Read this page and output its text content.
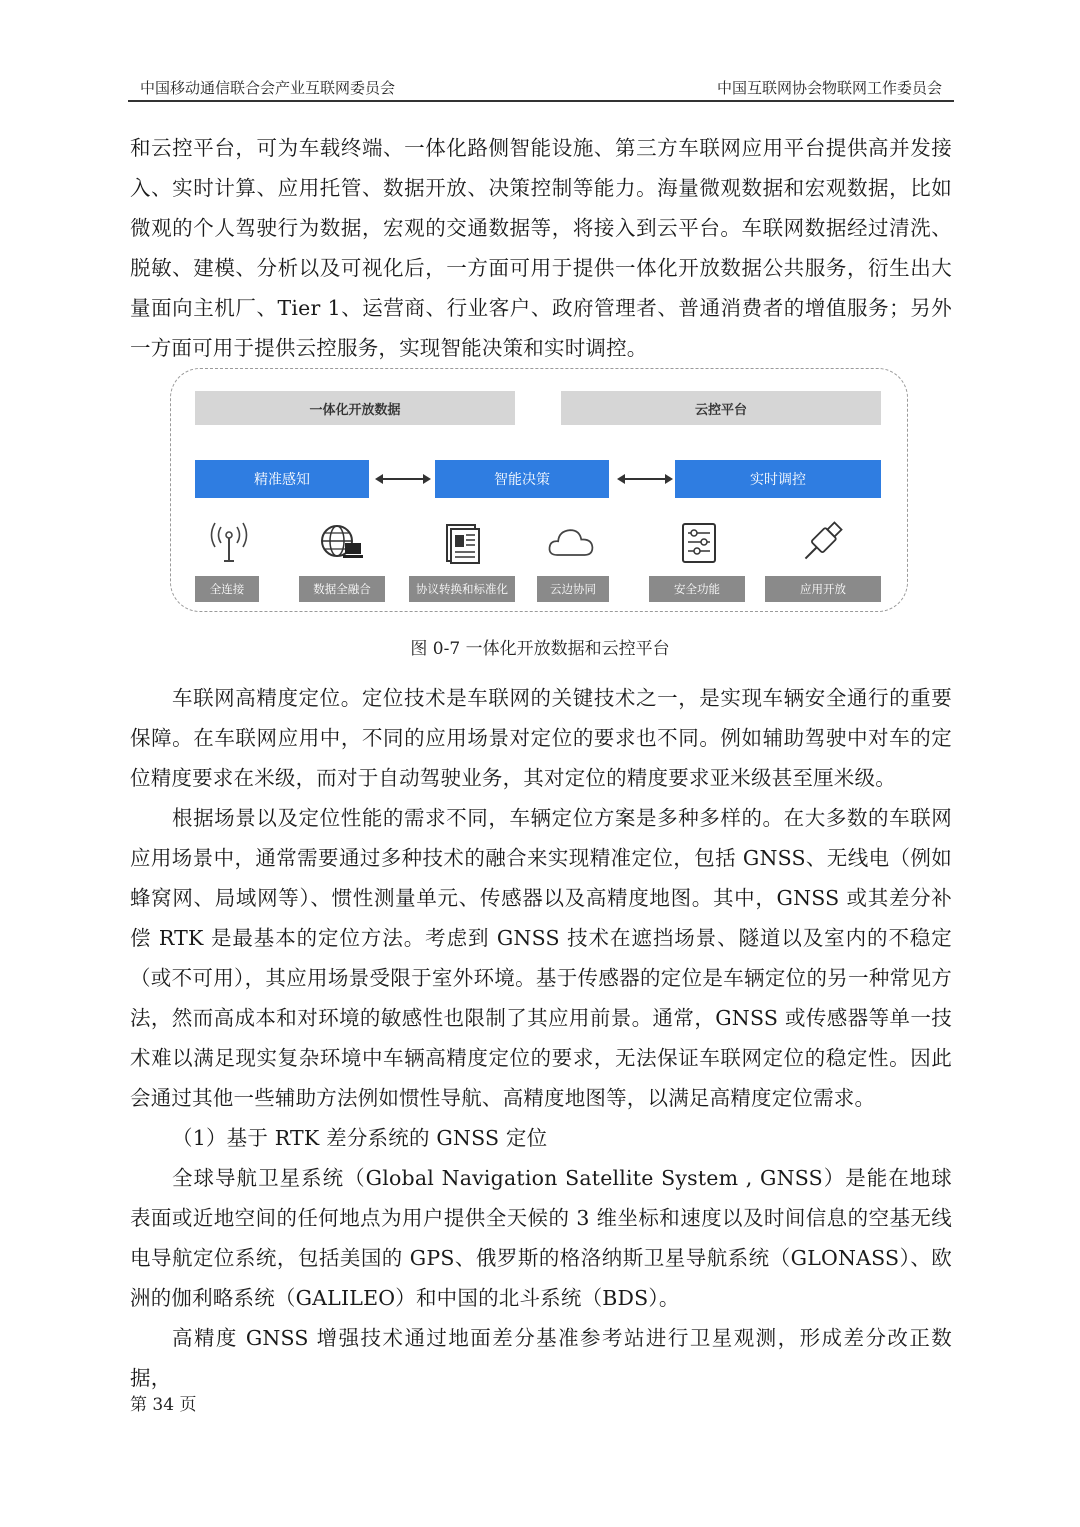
中国移动通信联合会产业互联网委员会	中国互联网协会物联网工作委员会
和云控平台，可为车载终端、一体化路侧智能设施、第三方车联网应用平台提供高并发接入、实时计算、应用托管、数据开放、决策控制等能力。海量微观数据和宏观数据，比如微观的个人驾驶行为数据，宏观的交通数据等，将接入到云平台。车联网数据经过清洗、脱敏、建模、分析以及可视化后，一方面可用于提供一体化开放数据公共服务，衍生出大量面向主机厂、Tier 1、运营商、行业客户、政府管理者、普通消费者的增值服务；另外一方面可用于提供云控服务，实现智能决策和实时调控。
一体化开放数据	云控平台
精准感知	智能决策	实时调控
全连接	数据全融合	协议转换和标准化	云边协同	安全功能	应用开放
图 0-7 一体化开放数据和云控平台
车联网高精度定位。定位技术是车联网的关键技术之一，是实现车辆安全通行的重要保障。在车联网应用中，不同的应用场景对定位的要求也不同。例如辅助驾驶中对车的定位精度要求在米级，而对于自动驾驶业务，其对定位的精度要求亚米级甚至厘米级。
根据场景以及定位性能的需求不同，车辆定位方案是多种多样的。在大多数的车联网应用场景中，通常需要通过多种技术的融合来实现精准定位，包括 GNSS、无线电（例如蜂窝网、局域网等）、惯性测量单元、传感器以及高精度地图。其中，GNSS 或其差分补偿 RTK 是最基本的定位方法。考虑到 GNSS 技术在遮挡场景、隧道以及室内的不稳定（或不可用），其应用场景受限于室外环境。基于传感器的定位是车辆定位的另一种常见方法，然而高成本和对环境的敏感性也限制了其应用前景。通常，GNSS 或传感器等单一技术难以满足现实复杂环境中车辆高精度定位的要求，无法保证车联网定位的稳定性。因此会通过其他一些辅助方法例如惯性导航、高精度地图等，以满足高精度定位需求。
（1）基于 RTK 差分系统的 GNSS 定位
全球导航卫星系统（Global Navigation Satellite System , GNSS）是能在地球表面或近地空间的任何地点为用户提供全天候的 3 维坐标和速度以及时间信息的空基无线电导航定位系统，包括美国的 GPS、俄罗斯的格洛纳斯卫星导航系统（GLONASS）、欧洲的伽利略系统（GALILEO）和中国的北斗系统（BDS）。
高精度 GNSS 增强技术通过地面差分基准参考站进行卫星观测，形成差分改正数据，
第 34 页
